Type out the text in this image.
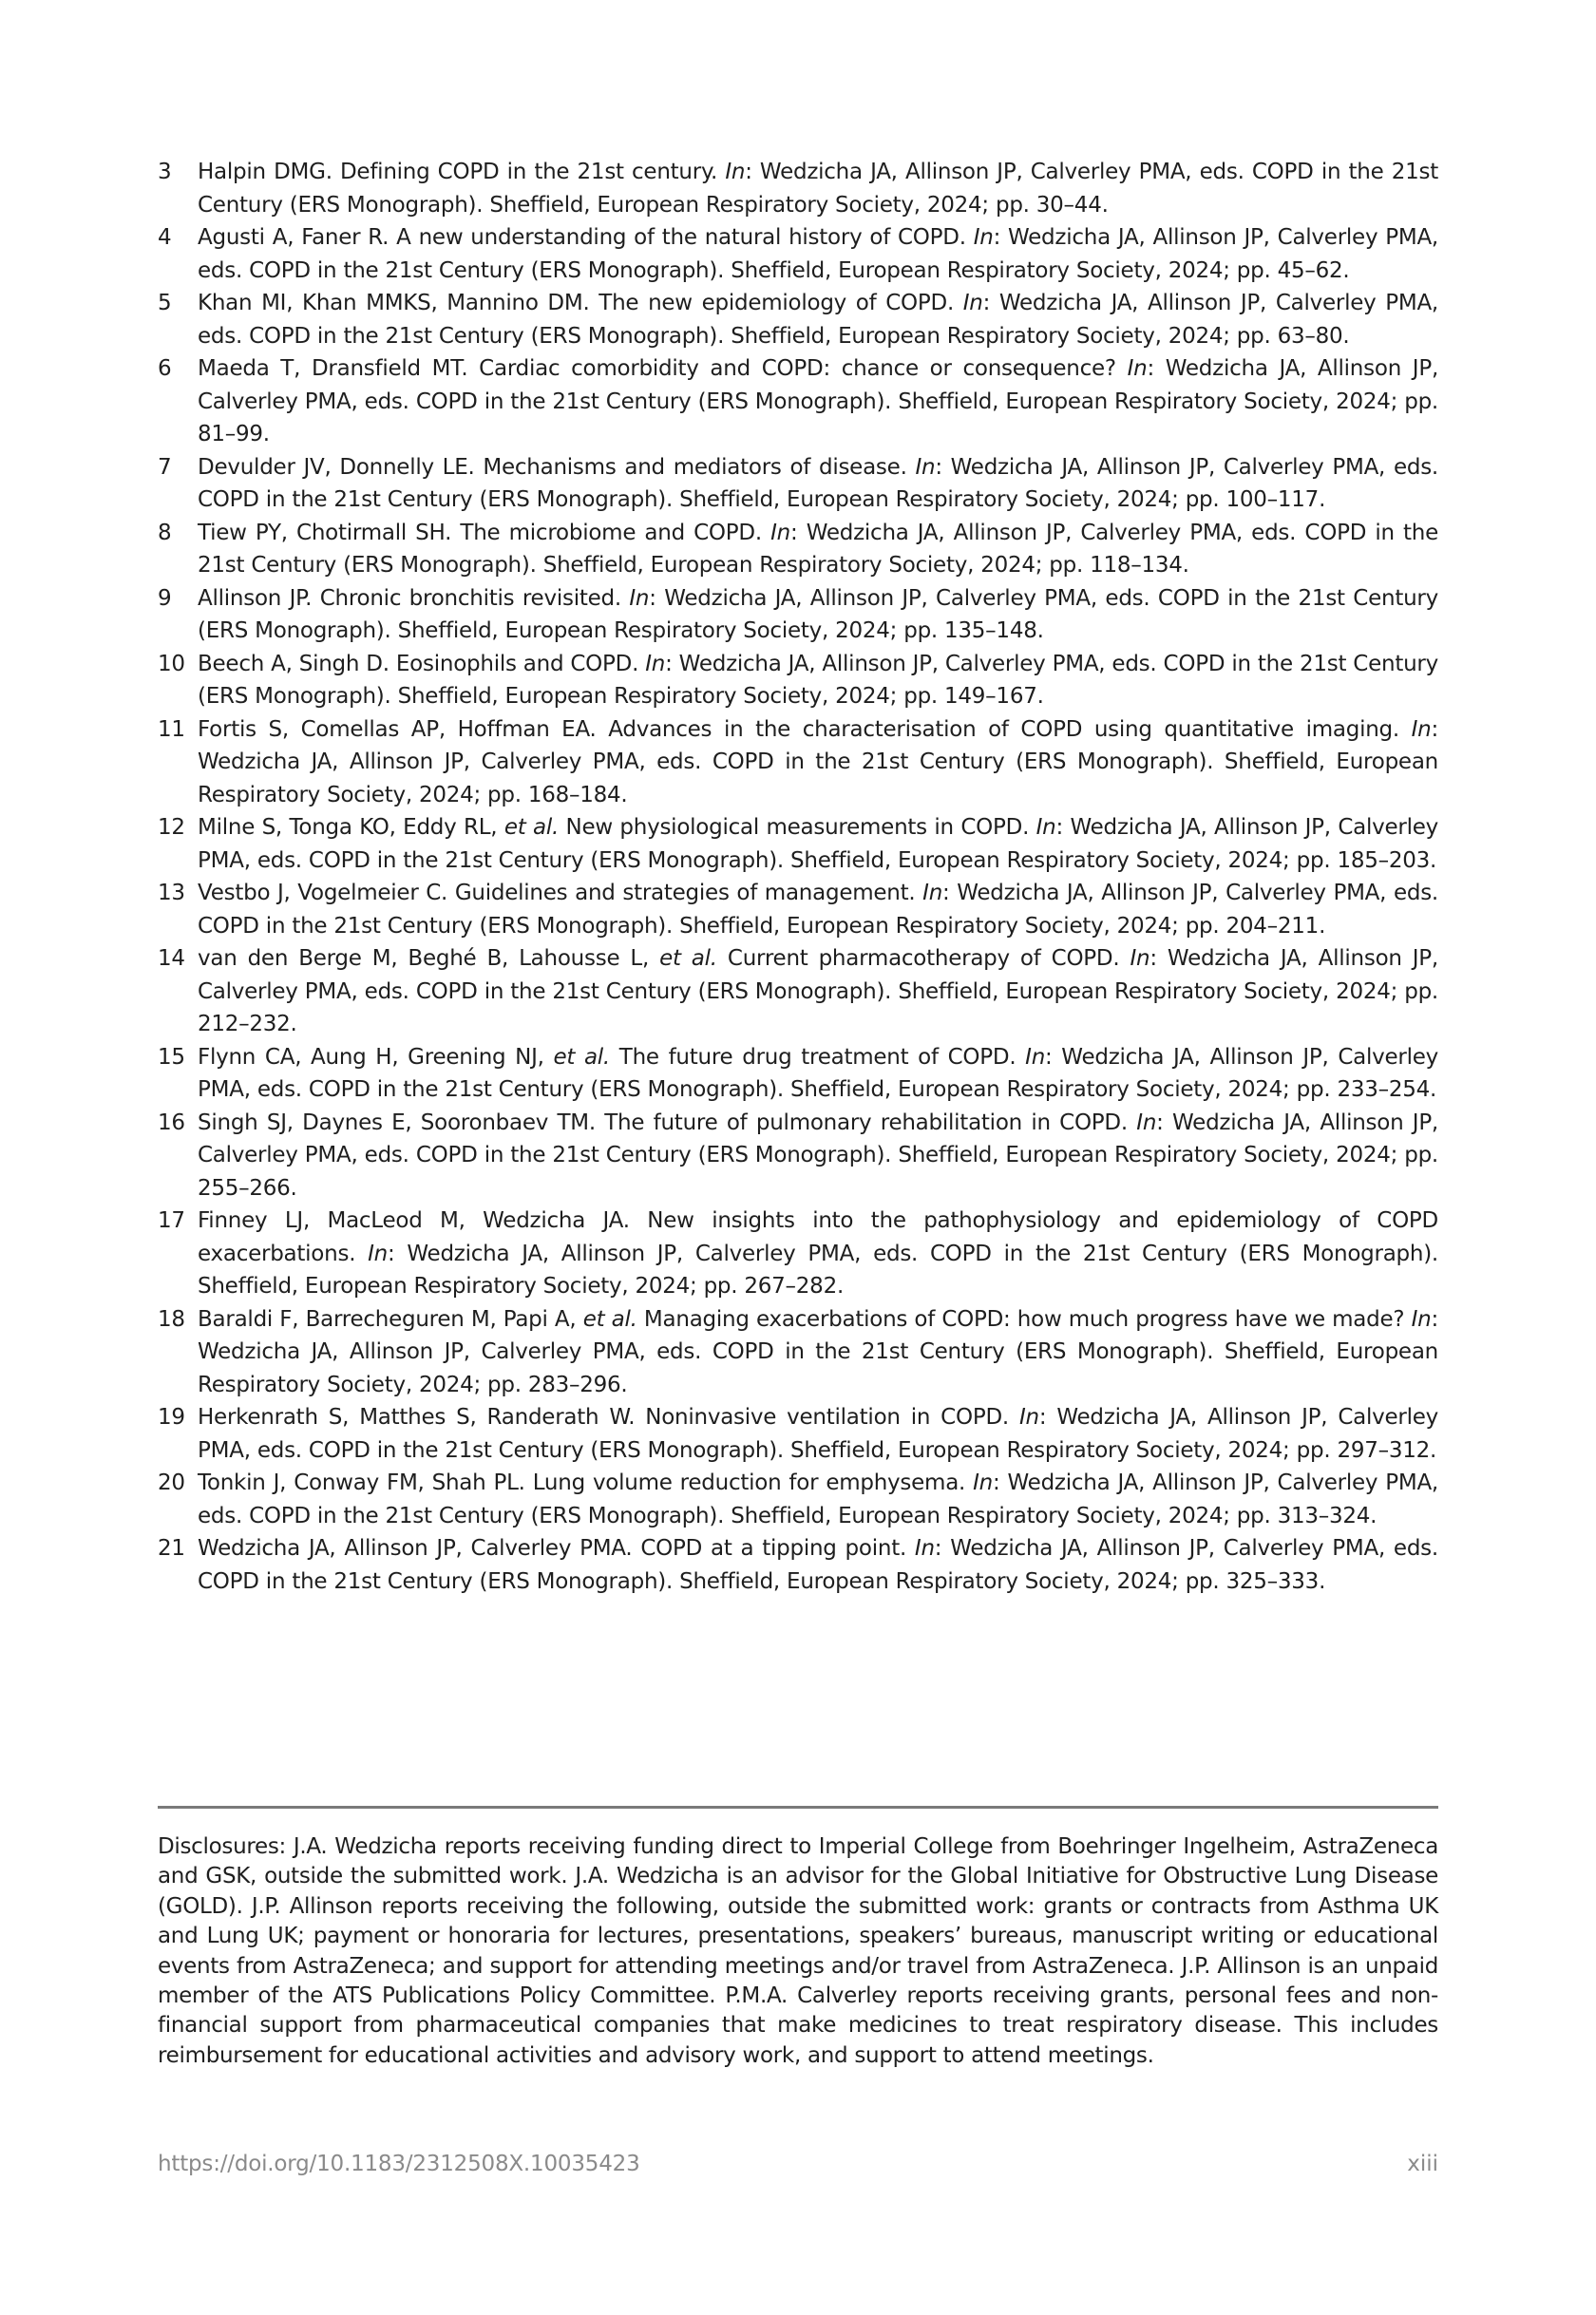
3	Halpin DMG. Defining COPD in the 21st century. In: Wedzicha JA, Allinson JP, Calverley PMA, eds. COPD in the 21st Century (ERS Monograph). Sheffield, European Respiratory Society, 2024; pp. 30–44.
4	Agusti A, Faner R. A new understanding of the natural history of COPD. In: Wedzicha JA, Allinson JP, Calverley PMA, eds. COPD in the 21st Century (ERS Monograph). Sheffield, European Respiratory Society, 2024; pp. 45–62.
5	Khan MI, Khan MMKS, Mannino DM. The new epidemiology of COPD. In: Wedzicha JA, Allinson JP, Calverley PMA, eds. COPD in the 21st Century (ERS Monograph). Sheffield, European Respiratory Society, 2024; pp. 63–80.
6	Maeda T, Dransfield MT. Cardiac comorbidity and COPD: chance or consequence? In: Wedzicha JA, Allinson JP, Calverley PMA, eds. COPD in the 21st Century (ERS Monograph). Sheffield, European Respiratory Society, 2024; pp. 81–99.
7	Devulder JV, Donnelly LE. Mechanisms and mediators of disease. In: Wedzicha JA, Allinson JP, Calverley PMA, eds. COPD in the 21st Century (ERS Monograph). Sheffield, European Respiratory Society, 2024; pp. 100–117.
8	Tiew PY, Chotirmall SH. The microbiome and COPD. In: Wedzicha JA, Allinson JP, Calverley PMA, eds. COPD in the 21st Century (ERS Monograph). Sheffield, European Respiratory Society, 2024; pp. 118–134.
9	Allinson JP. Chronic bronchitis revisited. In: Wedzicha JA, Allinson JP, Calverley PMA, eds. COPD in the 21st Century (ERS Monograph). Sheffield, European Respiratory Society, 2024; pp. 135–148.
10 Beech A, Singh D. Eosinophils and COPD. In: Wedzicha JA, Allinson JP, Calverley PMA, eds. COPD in the 21st Century (ERS Monograph). Sheffield, European Respiratory Society, 2024; pp. 149–167.
11 Fortis S, Comellas AP, Hoffman EA. Advances in the characterisation of COPD using quantitative imaging. In: Wedzicha JA, Allinson JP, Calverley PMA, eds. COPD in the 21st Century (ERS Monograph). Sheffield, European Respiratory Society, 2024; pp. 168–184.
12 Milne S, Tonga KO, Eddy RL, et al. New physiological measurements in COPD. In: Wedzicha JA, Allinson JP, Calverley PMA, eds. COPD in the 21st Century (ERS Monograph). Sheffield, European Respiratory Society, 2024; pp. 185–203.
13 Vestbo J, Vogelmeier C. Guidelines and strategies of management. In: Wedzicha JA, Allinson JP, Calverley PMA, eds. COPD in the 21st Century (ERS Monograph). Sheffield, European Respiratory Society, 2024; pp. 204–211.
14 van den Berge M, Beghé B, Lahousse L, et al. Current pharmacotherapy of COPD. In: Wedzicha JA, Allinson JP, Calverley PMA, eds. COPD in the 21st Century (ERS Monograph). Sheffield, European Respiratory Society, 2024; pp. 212–232.
15 Flynn CA, Aung H, Greening NJ, et al. The future drug treatment of COPD. In: Wedzicha JA, Allinson JP, Calverley PMA, eds. COPD in the 21st Century (ERS Monograph). Sheffield, European Respiratory Society, 2024; pp. 233–254.
16 Singh SJ, Daynes E, Sooronbaev TM. The future of pulmonary rehabilitation in COPD. In: Wedzicha JA, Allinson JP, Calverley PMA, eds. COPD in the 21st Century (ERS Monograph). Sheffield, European Respiratory Society, 2024; pp. 255–266.
17 Finney LJ, MacLeod M, Wedzicha JA. New insights into the pathophysiology and epidemiology of COPD exacerbations. In: Wedzicha JA, Allinson JP, Calverley PMA, eds. COPD in the 21st Century (ERS Monograph). Sheffield, European Respiratory Society, 2024; pp. 267–282.
18 Baraldi F, Barrecheguren M, Papi A, et al. Managing exacerbations of COPD: how much progress have we made? In: Wedzicha JA, Allinson JP, Calverley PMA, eds. COPD in the 21st Century (ERS Monograph). Sheffield, European Respiratory Society, 2024; pp. 283–296.
19 Herkenrath S, Matthes S, Randerath W. Noninvasive ventilation in COPD. In: Wedzicha JA, Allinson JP, Calverley PMA, eds. COPD in the 21st Century (ERS Monograph). Sheffield, European Respiratory Society, 2024; pp. 297–312.
20 Tonkin J, Conway FM, Shah PL. Lung volume reduction for emphysema. In: Wedzicha JA, Allinson JP, Calverley PMA, eds. COPD in the 21st Century (ERS Monograph). Sheffield, European Respiratory Society, 2024; pp. 313–324.
21 Wedzicha JA, Allinson JP, Calverley PMA. COPD at a tipping point. In: Wedzicha JA, Allinson JP, Calverley PMA, eds. COPD in the 21st Century (ERS Monograph). Sheffield, European Respiratory Society, 2024; pp. 325–333.

Disclosures: J.A. Wedzicha reports receiving funding direct to Imperial College from Boehringer Ingelheim, AstraZeneca and GSK, outside the submitted work. J.A. Wedzicha is an advisor for the Global Initiative for Obstructive Lung Disease (GOLD). J.P. Allinson reports receiving the following, outside the submitted work: grants or contracts from Asthma UK and Lung UK; payment or honoraria for lectures, presentations, speakers’ bureaus, manuscript writing or educational events from AstraZeneca; and support for attending meetings and/or travel from AstraZeneca. J.P. Allinson is an unpaid member of the ATS Publications Policy Committee. P.M.A. Calverley reports receiving grants, personal fees and non-financial support from pharmaceutical companies that make medicines to treat respiratory disease. This includes reimbursement for educational activities and advisory work, and support to attend meetings.

https://doi.org/10.1183/2312508X.10035423	xiii
